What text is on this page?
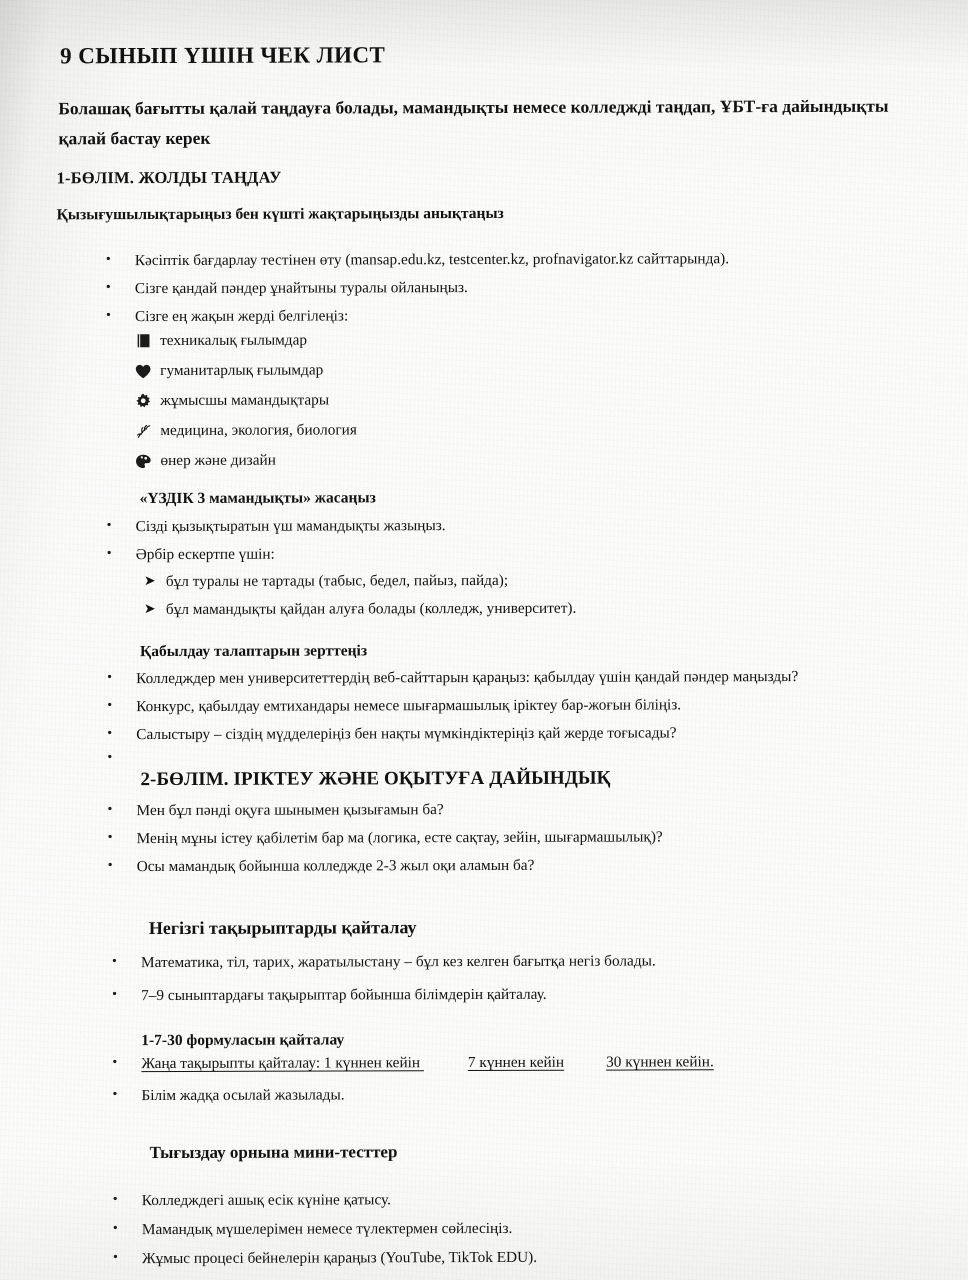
9 СЫНЫП ҮШІН ЧЕК ЛИСТ
Болашақ бағытты қалай таңдауға болады, мамандықты немесе колледжді таңдап, ҰБТ-ға дайындықты қалай бастау керек
1-БӨЛІМ. ЖОЛДЫ ТАҢДАУ
Қызығушылықтарыңыз бен күшті жақтарыңызды анықтаңыз
• Кәсіптік бағдарлау тестінен өту (mansap.edu.kz, testcenter.kz, profnavigator.kz сайттарында).
• Сізге қандай пәндер ұнайтыны туралы ойланыңыз.
• Сізге ең жақын жерді белгілеңіз:
техникалық ғылымдар
гуманитарлық ғылымдар
жұмысшы мамандықтары
медицина, экология, биология
өнер және дизайн
«ҮЗДІК 3 мамандықты» жасаңыз
• Сізді қызықтыратын үш мамандықты жазыңыз.
• Әрбір ескертпе үшін:
➤ бұл туралы не тартады (табыс, бедел, пайыз, пайда);
➤ бұл мамандықты қайдан алуға болады (колледж, университет).
Қабылдау талаптарын зерттеңіз
• Колледждер мен университеттердің веб-сайттарын қараңыз: қабылдау үшін қандай пәндер маңызды?
• Конкурс, қабылдау емтихандары немесе шығармашылық іріктеу бар-жоғын біліңіз.
• Салыстыру – сіздің мүдделеріңіз бен нақты мүмкіндіктеріңіз қай жерде тоғысады?
2-БӨЛІМ. ІРІКТЕУ ЖӘНЕ ОҚЫТУҒА ДАЙЫНДЫҚ
• Мен бұл пәнді оқуға шынымен қызығамын ба?
• Менің мұны істеу қабілетім бар ма (логика, есте сақтау, зейін, шығармашылық)?
• Осы мамандық бойынша колледжде 2-3 жыл оқи аламын ба?
Негізгі тақырыптарды қайталау
• Математика, тіл, тарих, жаратылыстану – бұл кез келген бағытқа негіз болады.
• 7–9 сыныптардағы тақырыптар бойынша білімдерін қайталау.
1-7-30 формуласын қайталау
• Жаңа тақырыпты қайталау: 1 күннен кейін	7 күннен кейін	30 күннен кейін.
• Білім жадқа осылай жазылады.
Тығыздау орнына мини-тесттер
• Колледждегі ашық есік күніне қатысу.
• Мамандық мүшелерімен немесе түлектермен сөйлесіңіз.
• Жұмыс процесі бейнелерін қараңыз (YouTube, TikTok EDU).
